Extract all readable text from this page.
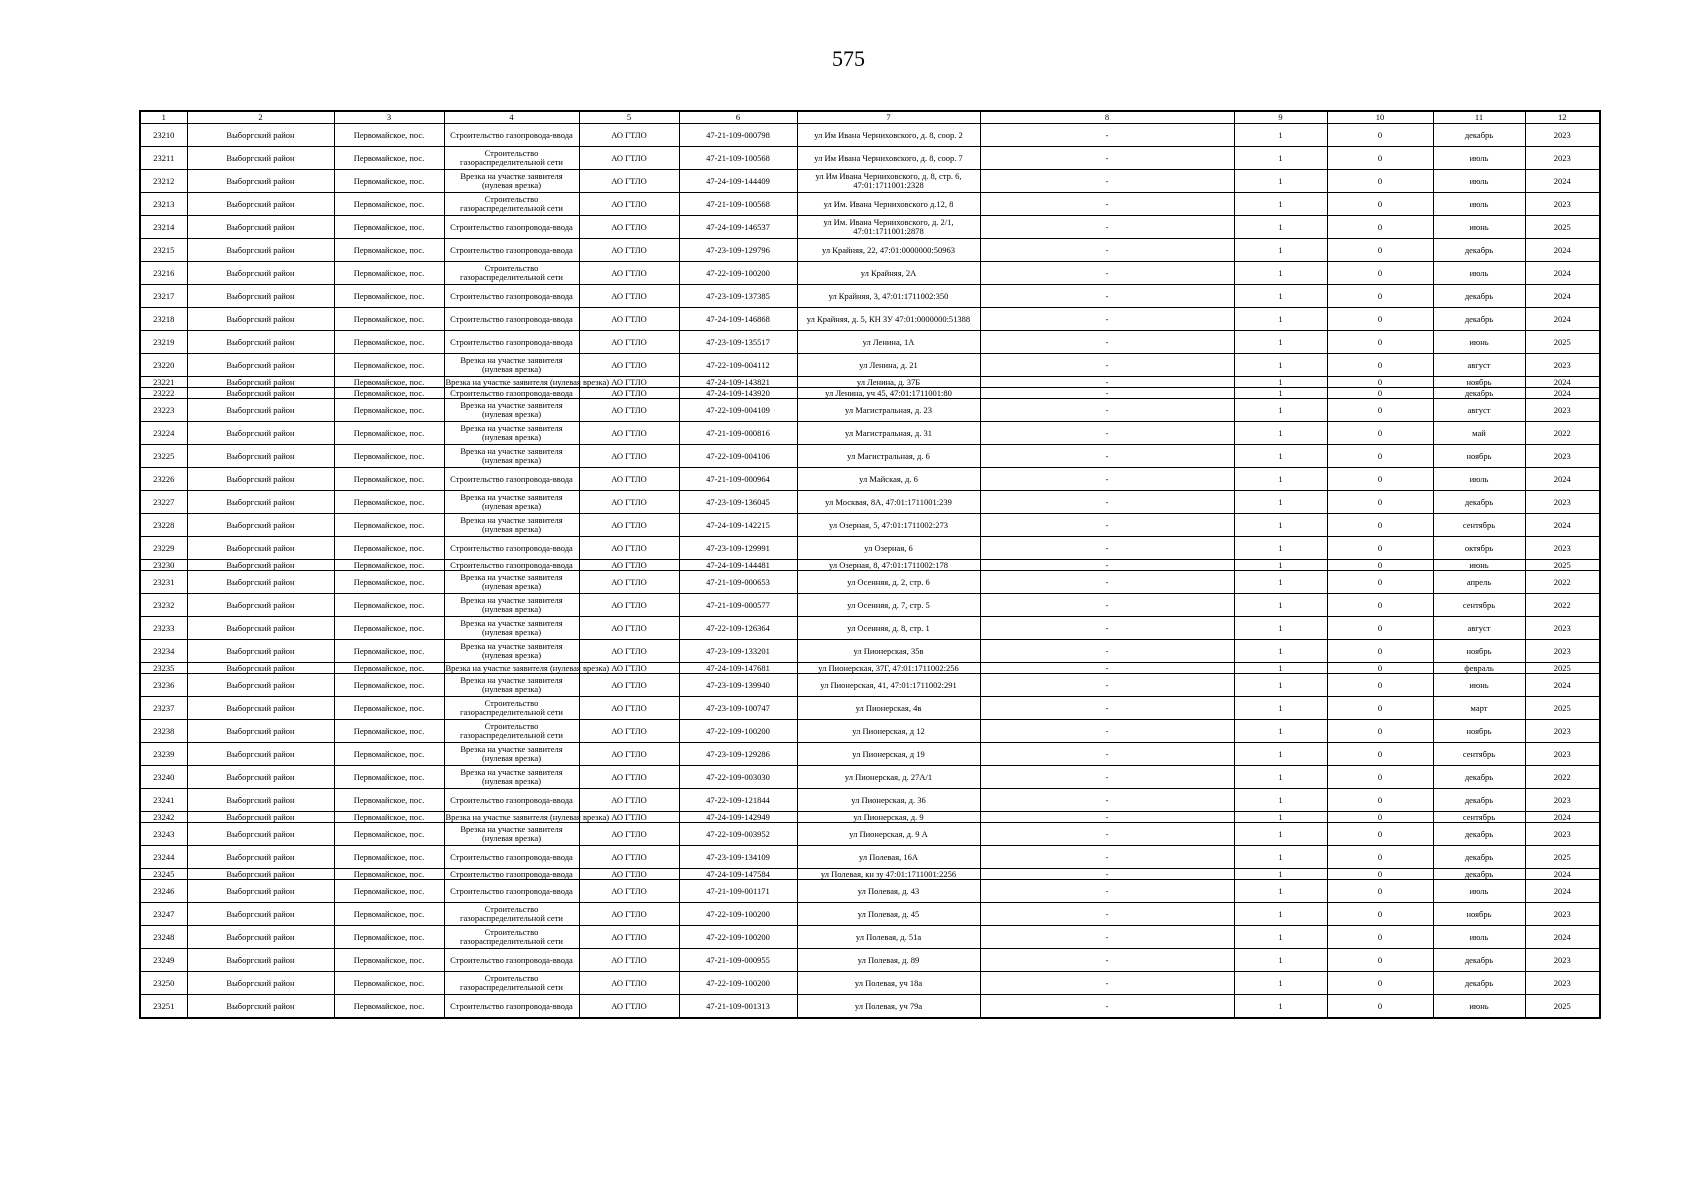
575
1	2	3	4	5	6	7	8	9	10	11	12
23210	Выборгский район	Первомайское, пос.	Строительство газопровода-ввода	АО ГТЛО	47-21-109-000798	ул Им Ивана Черниховского, д. 8, соор. 2	-	1	0	декабрь	2023
23211	Выборгский район	Первомайское, пос.	Строительство газораспределительной сети	АО ГТЛО	47-21-109-100568	ул Им Ивана Черниховского, д. 8, соор. 7	-	1	0	июль	2023
23212	Выборгский район	Первомайское, пос.	Врезка на участке заявителя (нулевая врезка)	АО ГТЛО	47-24-109-144409	ул Им Ивана Черниховского, д. 8, стр. 6, 47:01:1711001:2328	-	1	0	июль	2024
23213	Выборгский район	Первомайское, пос.	Строительство газораспределительной сети	АО ГТЛО	47-21-109-100568	ул Им. Ивана Черниховского д.12, 8	-	1	0	июль	2023
23214	Выборгский район	Первомайское, пос.	Строительство газопровода-ввода	АО ГТЛО	47-24-109-146537	ул Им. Ивана Черниховского, д. 2/1, 47:01:1711001:2878	-	1	0	июнь	2025
23215	Выборгский район	Первомайское, пос.	Строительство газопровода-ввода	АО ГТЛО	47-23-109-129796	ул Крайняя, 22, 47:01:0000000:50963	-	1	0	декабрь	2024
23216	Выборгский район	Первомайское, пос.	Строительство газораспределительной сети	АО ГТЛО	47-22-109-100200	ул Крайняя, 2А	-	1	0	июль	2024
23217	Выборгский район	Первомайское, пос.	Строительство газопровода-ввода	АО ГТЛО	47-23-109-137385	ул Крайняя, 3, 47:01:1711002:350	-	1	0	декабрь	2024
23218	Выборгский район	Первомайское, пос.	Строительство газопровода-ввода	АО ГТЛО	47-24-109-146868	ул Крайняя, д. 5, КН ЗУ 47:01:0000000:51388	-	1	0	декабрь	2024
23219	Выборгский район	Первомайское, пос.	Строительство газопровода-ввода	АО ГТЛО	47-23-109-135517	ул Ленина, 1А	-	1	0	июнь	2025
23220	Выборгский район	Первомайское, пос.	Врезка на участке заявителя (нулевая врезка)	АО ГТЛО	47-22-109-004112	ул Ленина, д. 21	-	1	0	август	2023
23221	Выборгский район	Первомайское, пос.	Врезка на участке заявителя (нулевая врезка)	АО ГТЛО	47-24-109-143821	ул Ленина, д. 37Б	-	1	0	ноябрь	2024
23222	Выборгский район	Первомайское, пос.	Строительство газопровода-ввода	АО ГТЛО	47-24-109-143920	ул Ленина, уч 45, 47:01:1711001:80	-	1	0	декабрь	2024
23223	Выборгский район	Первомайское, пос.	Врезка на участке заявителя (нулевая врезка)	АО ГТЛО	47-22-109-004109	ул Магистральная, д. 23	-	1	0	август	2023
23224	Выборгский район	Первомайское, пос.	Врезка на участке заявителя (нулевая врезка)	АО ГТЛО	47-21-109-000816	ул Магистральная, д. 31	-	1	0	май	2022
23225	Выборгский район	Первомайское, пос.	Врезка на участке заявителя (нулевая врезка)	АО ГТЛО	47-22-109-004106	ул Магистральная, д. 6	-	1	0	ноябрь	2023
23226	Выборгский район	Первомайское, пос.	Строительство газопровода-ввода	АО ГТЛО	47-21-109-000964	ул Майская, д. 6	-	1	0	июль	2024
23227	Выборгский район	Первомайское, пос.	Врезка на участке заявителя (нулевая врезка)	АО ГТЛО	47-23-109-136045	ул Москвая, 8А, 47:01:1711001:239	-	1	0	декабрь	2023
23228	Выборгский район	Первомайское, пос.	Врезка на участке заявителя (нулевая врезка)	АО ГТЛО	47-24-109-142215	ул Озерная, 5, 47:01:1711002:273	-	1	0	сентябрь	2024
23229	Выборгский район	Первомайское, пос.	Строительство газопровода-ввода	АО ГТЛО	47-23-109-129991	ул Озерная, 6	-	1	0	октябрь	2023
23230	Выборгский район	Первомайское, пос.	Строительство газопровода-ввода	АО ГТЛО	47-24-109-144481	ул Озерная, 8, 47:01:1711002:178	-	1	0	июнь	2025
23231	Выборгский район	Первомайское, пос.	Врезка на участке заявителя (нулевая врезка)	АО ГТЛО	47-21-109-000653	ул Осенняя, д. 2, стр. 6	-	1	0	апрель	2022
23232	Выборгский район	Первомайское, пос.	Врезка на участке заявителя (нулевая врезка)	АО ГТЛО	47-21-109-000577	ул Осенняя, д. 7, стр. 5	-	1	0	сентябрь	2022
23233	Выборгский район	Первомайское, пос.	Врезка на участке заявителя (нулевая врезка)	АО ГТЛО	47-22-109-126364	ул Осенняя, д. 8, стр. 1	-	1	0	август	2023
23234	Выборгский район	Первомайское, пос.	Врезка на участке заявителя (нулевая врезка)	АО ГТЛО	47-23-109-133201	ул Пионерская, 35в	-	1	0	ноябрь	2023
23235	Выборгский район	Первомайское, пос.	Врезка на участке заявителя (нулевая врезка)	АО ГТЛО	47-24-109-147681	ул Пионерская, 37Г, 47:01:1711002:256	-	1	0	февраль	2025
23236	Выборгский район	Первомайское, пос.	Врезка на участке заявителя (нулевая врезка)	АО ГТЛО	47-23-109-139940	ул Пионерская, 41, 47:01:1711002:291	-	1	0	июнь	2024
23237	Выборгский район	Первомайское, пос.	Строительство газораспределительной сети	АО ГТЛО	47-23-109-100747	ул Пионерская, 4в	-	1	0	март	2025
23238	Выборгский район	Первомайское, пос.	Строительство газораспределительной сети	АО ГТЛО	47-22-109-100200	ул Пионерская, д 12	-	1	0	ноябрь	2023
23239	Выборгский район	Первомайское, пос.	Врезка на участке заявителя (нулевая врезка)	АО ГТЛО	47-23-109-129286	ул Пионерская, д 19	-	1	0	сентябрь	2023
23240	Выборгский район	Первомайское, пос.	Врезка на участке заявителя (нулевая врезка)	АО ГТЛО	47-22-109-003030	ул Пионерская, д. 27А/1	-	1	0	декабрь	2022
23241	Выборгский район	Первомайское, пос.	Строительство газопровода-ввода	АО ГТЛО	47-22-109-121844	ул Пионерская, д. 36	-	1	0	декабрь	2023
23242	Выборгский район	Первомайское, пос.	Врезка на участке заявителя (нулевая врезка)	АО ГТЛО	47-24-109-142949	ул Пионерская, д. 9	-	1	0	сентябрь	2024
23243	Выборгский район	Первомайское, пос.	Врезка на участке заявителя (нулевая врезка)	АО ГТЛО	47-22-109-003952	ул Пионерская, д. 9 А	-	1	0	декабрь	2023
23244	Выборгский район	Первомайское, пос.	Строительство газопровода-ввода	АО ГТЛО	47-23-109-134109	ул Полевая, 16А	-	1	0	декабрь	2025
23245	Выборгский район	Первомайское, пос.	Строительство газопровода-ввода	АО ГТЛО	47-24-109-147584	ул Полевая, кн зу 47:01:1711001:2256	-	1	0	декабрь	2024
23246	Выборгский район	Первомайское, пос.	Строительство газопровода-ввода	АО ГТЛО	47-21-109-001171	ул Полевая, д. 43	-	1	0	июль	2024
23247	Выборгский район	Первомайское, пос.	Строительство газораспределительной сети	АО ГТЛО	47-22-109-100200	ул Полевая, д. 45	-	1	0	ноябрь	2023
23248	Выборгский район	Первомайское, пос.	Строительство газораспределительной сети	АО ГТЛО	47-22-109-100200	ул Полевая, д. 51а	-	1	0	июль	2024
23249	Выборгский район	Первомайское, пос.	Строительство газопровода-ввода	АО ГТЛО	47-21-109-000955	ул Полевая, д. 89	-	1	0	декабрь	2023
23250	Выборгский район	Первомайское, пос.	Строительство газораспределительной сети	АО ГТЛО	47-22-109-100200	ул Полевая, уч 18а	-	1	0	декабрь	2023
23251	Выборгский район	Первомайское, пос.	Строительство газопровода-ввода	АО ГТЛО	47-21-109-001313	ул Полевая, уч 79а	-	1	0	июнь	2025
